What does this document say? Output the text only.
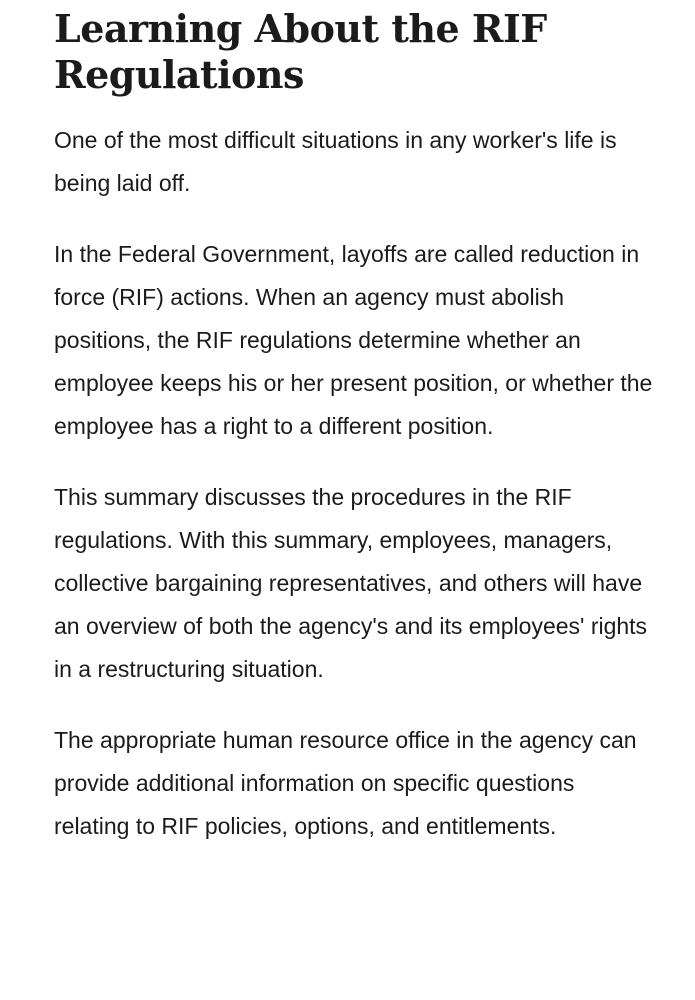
Learning About the RIF Regulations

One of the most difficult situations in any worker's life is being laid off.

In the Federal Government, layoffs are called reduction in force (RIF) actions. When an agency must abolish positions, the RIF regulations determine whether an employee keeps his or her present position, or whether the employee has a right to a different position.

This summary discusses the procedures in the RIF regulations. With this summary, employees, managers, collective bargaining representatives, and others will have an overview of both the agency's and its employees' rights in a restructuring situation.

The appropriate human resource office in the agency can provide additional information on specific questions relating to RIF policies, options, and entitlements.
